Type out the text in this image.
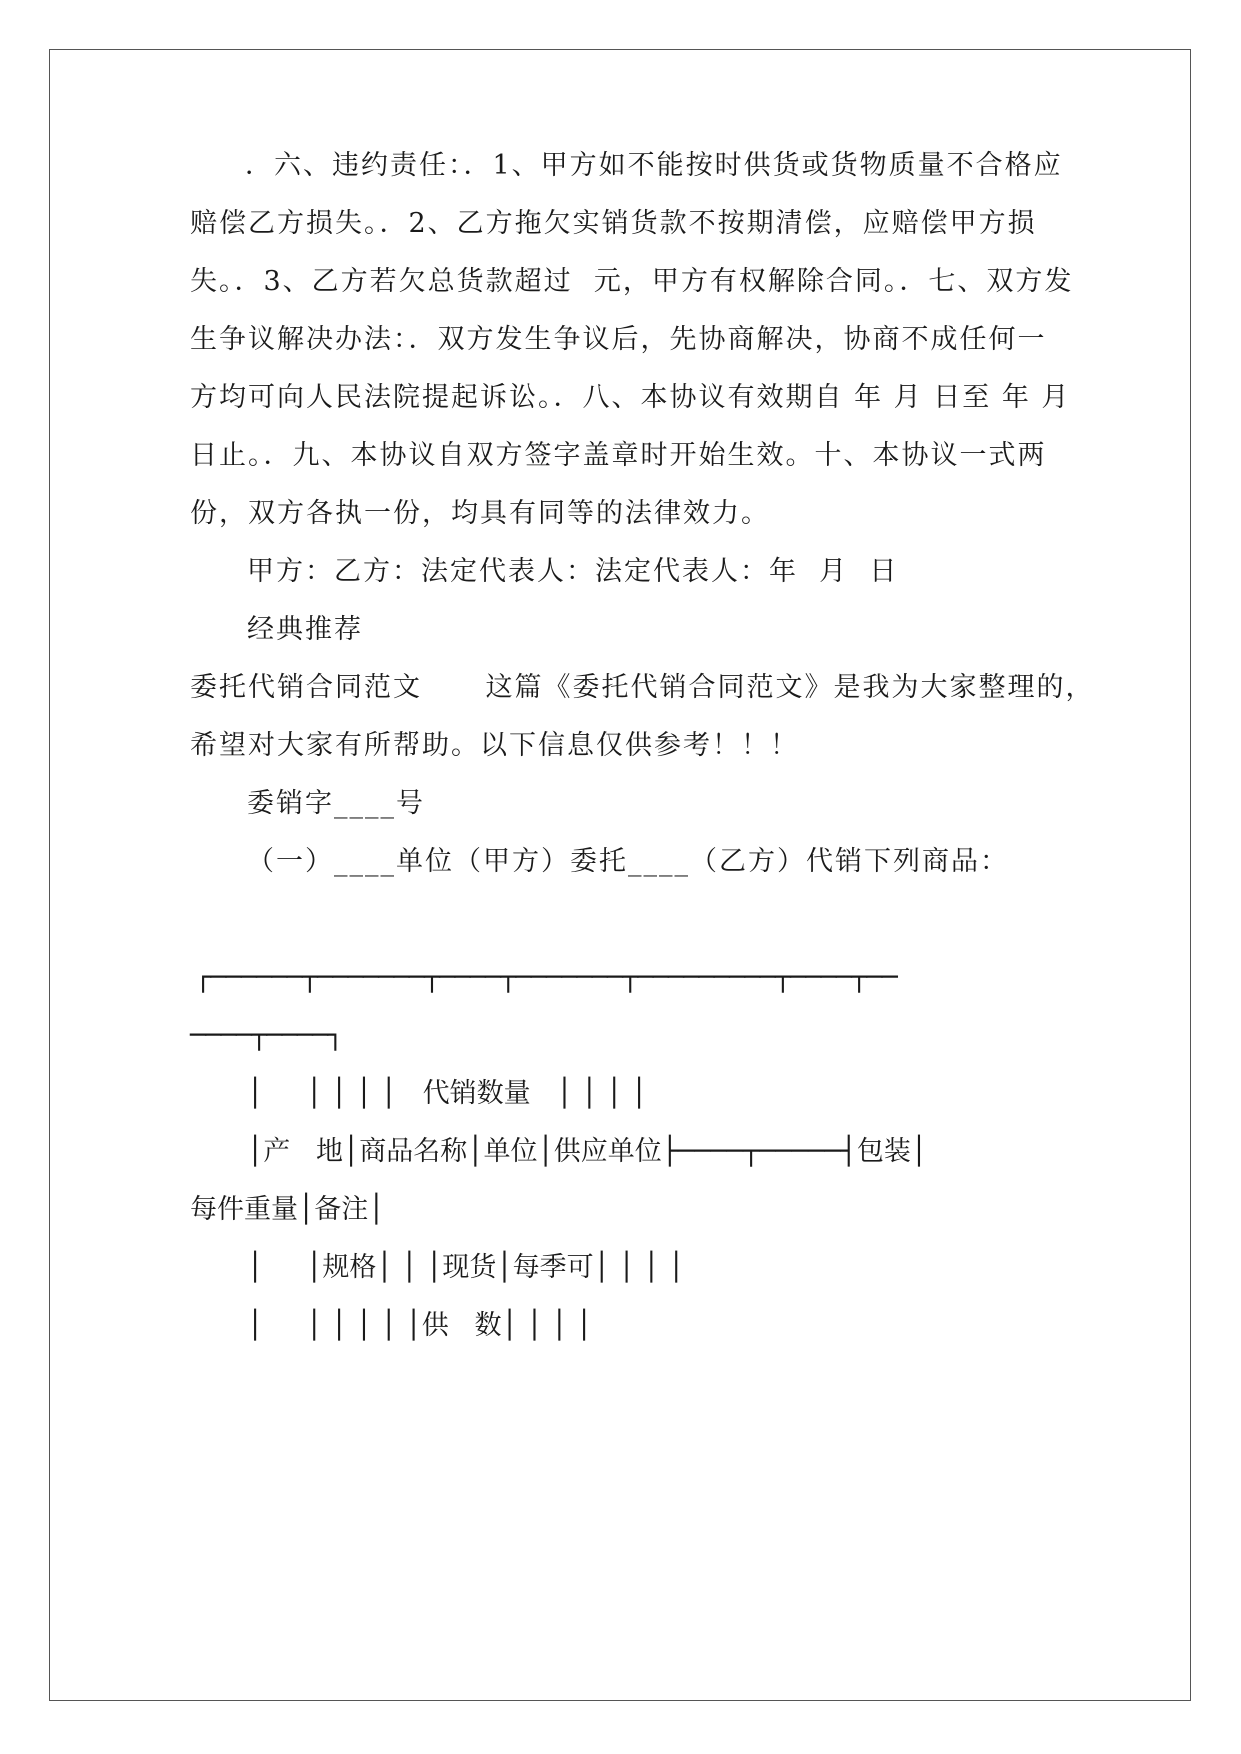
．六、违约责任：．1、甲方如不能按时供货或货物质量不合格应
赔偿乙方损失。．2、乙方拖欠实销货款不按期清偿，应赔偿甲方损
失。．3、乙方若欠总货款超过  元，甲方有权解除合同。．七、双方发
生争议解决办法：．双方发生争议后，先协商解决，协商不成任何一
方均可向人民法院提起诉讼。．八、本协议有效期自 年 月 日至 年 月
日止。．九、本协议自双方签字盖章时开始生效。十、本协议一式两
份，双方各执一份，均具有同等的法律效力。
甲方：乙方：法定代表人：法定代表人：年  月  日
经典推荐
委托代销合同范文      这篇《委托代销合同范文》是我为大家整理的，
希望对大家有所帮助。以下信息仅供参考！！！
委销字____号
（一）____单位（甲方）委托____（乙方）代销下列商品：
┌──────┬───────┬────┬───────┬─────────┬────┬──
────┬────┐
│     │ │ │ │   代销数量   │ │ │ │
│产   地│商品名称│单位│供应单位├────┬─────┤包装│
每件重量│备注│
│     │规格│ │ │现货│每季可│ │ │ │
│     │ │ │ │ │供   数│ │ │ │
